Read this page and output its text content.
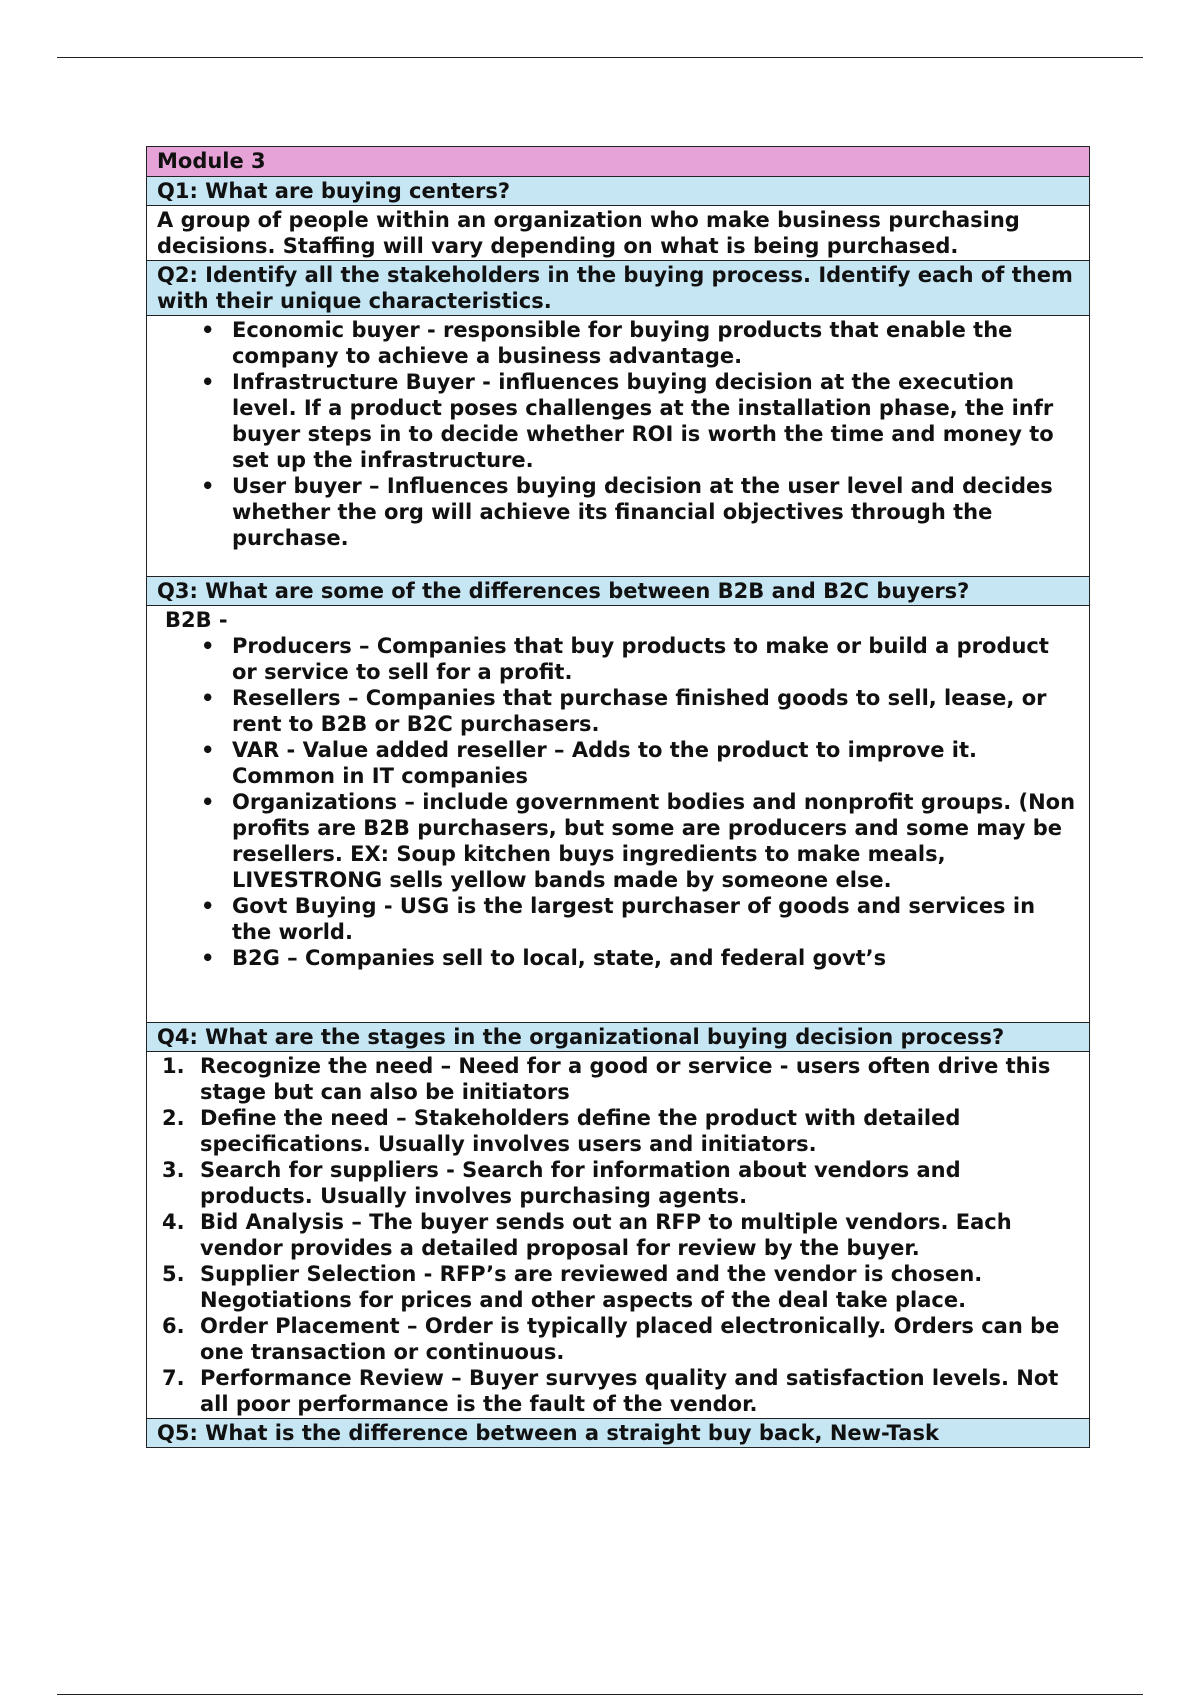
Module 3
Q1: What are buying centers?
A group of people within an organization who make business purchasing decisions. Staffing will vary depending on what is being purchased.
Q2: Identify all the stakeholders in the buying process. Identify each of them with their unique characteristics.
• Economic buyer - responsible for buying products that enable the company to achieve a business advantage.
• Infrastructure Buyer - influences buying decision at the execution level. If a product poses challenges at the installation phase, the infr buyer steps in to decide whether ROI is worth the time and money to set up the infrastructure.
• User buyer – Influences buying decision at the user level and decides whether the org will achieve its financial objectives through the purchase.
Q3: What are some of the differences between B2B and B2C buyers?
B2B -
• Producers – Companies that buy products to make or build a product or service to sell for a profit.
• Resellers – Companies that purchase finished goods to sell, lease, or rent to B2B or B2C purchasers.
• VAR - Value added reseller – Adds to the product to improve it. Common in IT companies
• Organizations – include government bodies and nonprofit groups. (Non profits are B2B purchasers, but some are producers and some may be resellers. EX: Soup kitchen buys ingredients to make meals, LIVESTRONG sells yellow bands made by someone else.
• Govt Buying - USG is the largest purchaser of goods and services in the world.
• B2G – Companies sell to local, state, and federal govt’s
Q4: What are the stages in the organizational buying decision process?
1. Recognize the need – Need for a good or service - users often drive this stage but can also be initiators
2. Define the need – Stakeholders define the product with detailed specifications. Usually involves users and initiators.
3. Search for suppliers - Search for information about vendors and products. Usually involves purchasing agents.
4. Bid Analysis – The buyer sends out an RFP to multiple vendors. Each vendor provides a detailed proposal for review by the buyer.
5. Supplier Selection - RFP’s are reviewed and the vendor is chosen. Negotiations for prices and other aspects of the deal take place.
6. Order Placement – Order is typically placed electronically. Orders can be one transaction or continuous.
7. Performance Review – Buyer survyes quality and satisfaction levels. Not all poor performance is the fault of the vendor.
Q5: What is the difference between a straight buy back, New-Task
